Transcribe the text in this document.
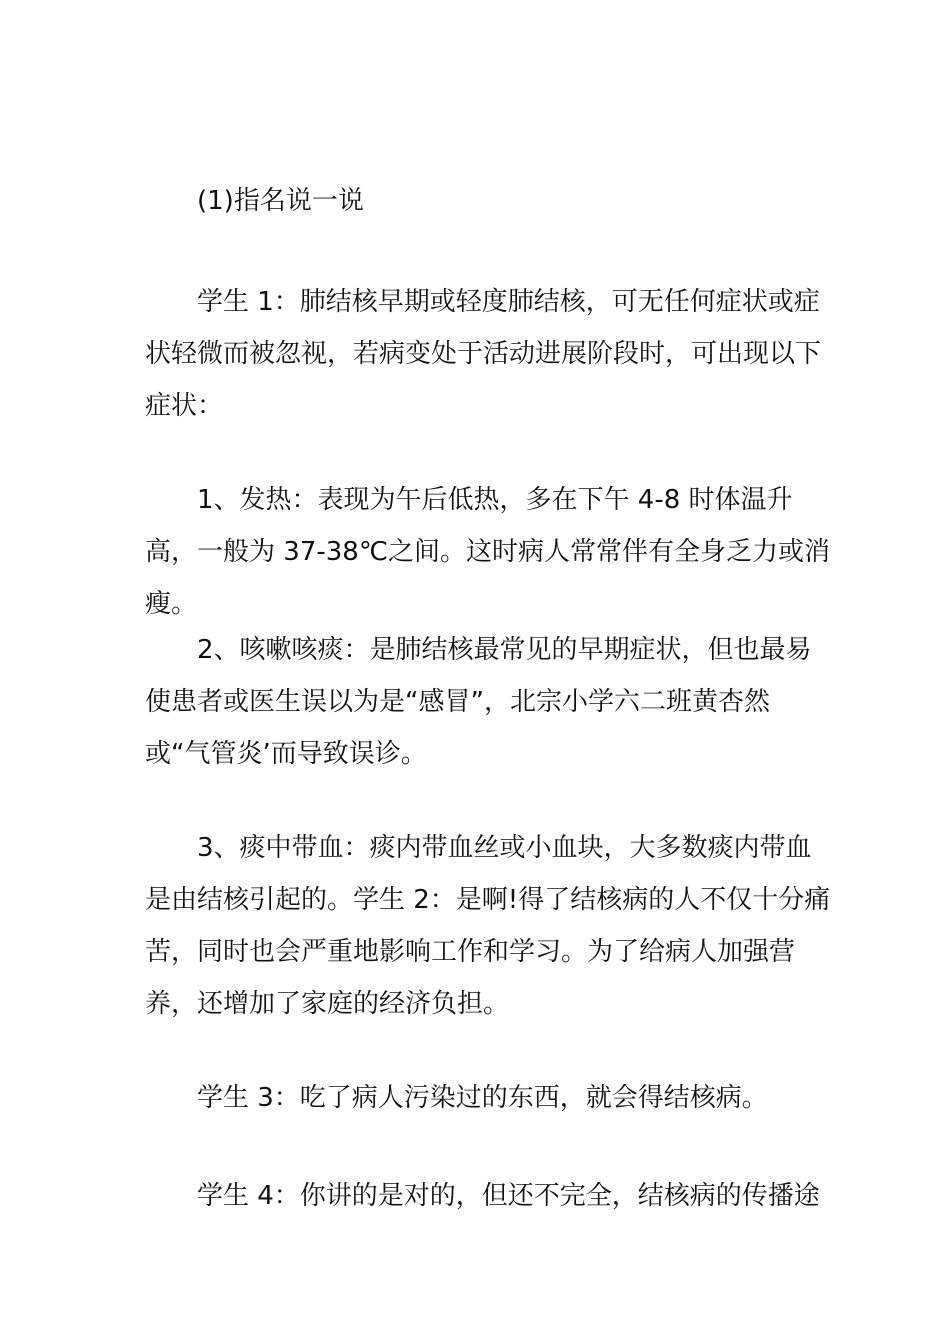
(1)指名说一说

学生 1：肺结核早期或轻度肺结核，可无任何症状或症状轻微而被忽视，若病变处于活动进展阶段时，可出现以下症状：

1、发热：表现为午后低热，多在下午 4-8 时体温升高，一般为 37-38℃之间。这时病人常常伴有全身乏力或消瘦。

2、咳嗽咳痰：是肺结核最常见的早期症状，但也最易使患者或医生误以为是“感冒”，北宗小学六二班黄杏然或“气管炎’而导致误诊。

3、痰中带血：痰内带血丝或小血块，大多数痰内带血是由结核引起的。学生 2：是啊!得了结核病的人不仅十分痛苦，同时也会严重地影响工作和学习。为了给病人加强营养，还增加了家庭的经济负担。

学生 3：吃了病人污染过的东西，就会得结核病。

学生 4：你讲的是对的，但还不完全，结核病的传播途
